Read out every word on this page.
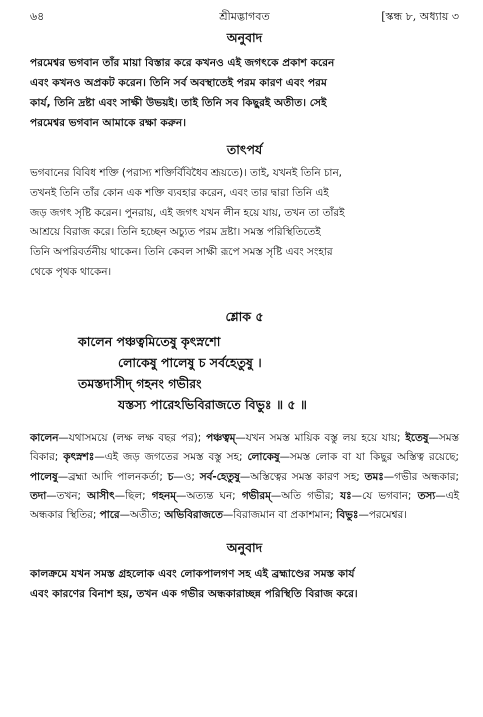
৬৪	শ্রীমদ্ভাগবত	[স্কন্ধ ৮, অধ্যায় ৩
অনুবাদ
পরমেশ্বর ভগবান তাঁর মায়া বিস্তার করে কখনও এই জগৎকে প্রকাশ করেন
এবং কখনও অপ্রকট করেন। তিনি সর্ব অবস্থাতেই পরম কারণ এবং পরম
কার্য, তিনি দ্রষ্টা এবং সাক্ষী উভয়ই। তাই তিনি সব কিছুরই অতীত। সেই
পরমেশ্বর ভগবান আমাকে রক্ষা করুন।
তাৎপর্য
ভগবানের বিবিধ শক্তি (পরাস্য শক্তির্বিবিধৈব শ্রূয়তে)। তাই, যখনই তিনি চান,
তখনই তিনি তাঁর কোন এক শক্তি ব্যবহার করেন, এবং তার দ্বারা তিনি এই
জড় জগৎ সৃষ্টি করেন। পুনরায়, এই জগৎ যখন লীন হয়ে যায়, তখন তা তাঁরই
আশ্রয়ে বিরাজ করে। তিনি হচ্ছেন অচ্যুত পরম দ্রষ্টা। সমস্ত পরিস্থিতিতেই
তিনি অপরিবর্তনীয় থাকেন। তিনি কেবল সাক্ষী রূপে সমস্ত সৃষ্টি এবং সংহার
থেকে পৃথক থাকেন।
শ্লোক ৫
কালেন পঞ্চত্বমিতেষু কৃৎস্নশো
লোকেষু পালেষু চ সর্বহেতুষু ।
তমস্তদাসীদ্ গহনং গভীরং
যস্তস্য পারেঽভিবিরাজতে বিভুঃ ॥ ৫ ॥
কালেন—যথাসময়ে (লক্ষ লক্ষ বছর পর); পঞ্চত্বম্—যখন সমস্ত মায়িক বস্তু লয় হয়ে যায়; ইতেষু—সমস্ত বিকার; কৃৎস্নশঃ—এই জড় জগতের সমস্ত বস্তু সহ; লোকেষু—সমস্ত লোক বা যা কিছুর অস্তিত্ব রয়েছে; পালেষু—ব্রহ্মা আদি পালনকর্তা; চ—ও; সর্ব-হেতুষু—অস্তিত্বের সমস্ত কারণ সহ; তমঃ—গভীর অন্ধকার; তদা—তখন; আসীৎ—ছিল; গহনম্—অত্যন্ত ঘন; গভীরম্—অতি গভীর; যঃ—যে ভগবান; তস্য—এই অন্ধকার স্থিতির; পারে—অতীত; অভিবিরাজতে—বিরাজমান বা প্রকাশমান; বিভুঃ—পরমেশ্বর।
অনুবাদ
কালক্রমে যখন সমস্ত গ্রহলোক এবং লোকপালগণ সহ এই ব্রহ্মাণ্ডের সমস্ত কার্য
এবং কারণের বিনাশ হয়, তখন এক গভীর অন্ধকারাচ্ছন্ন পরিস্থিতি বিরাজ করে।
